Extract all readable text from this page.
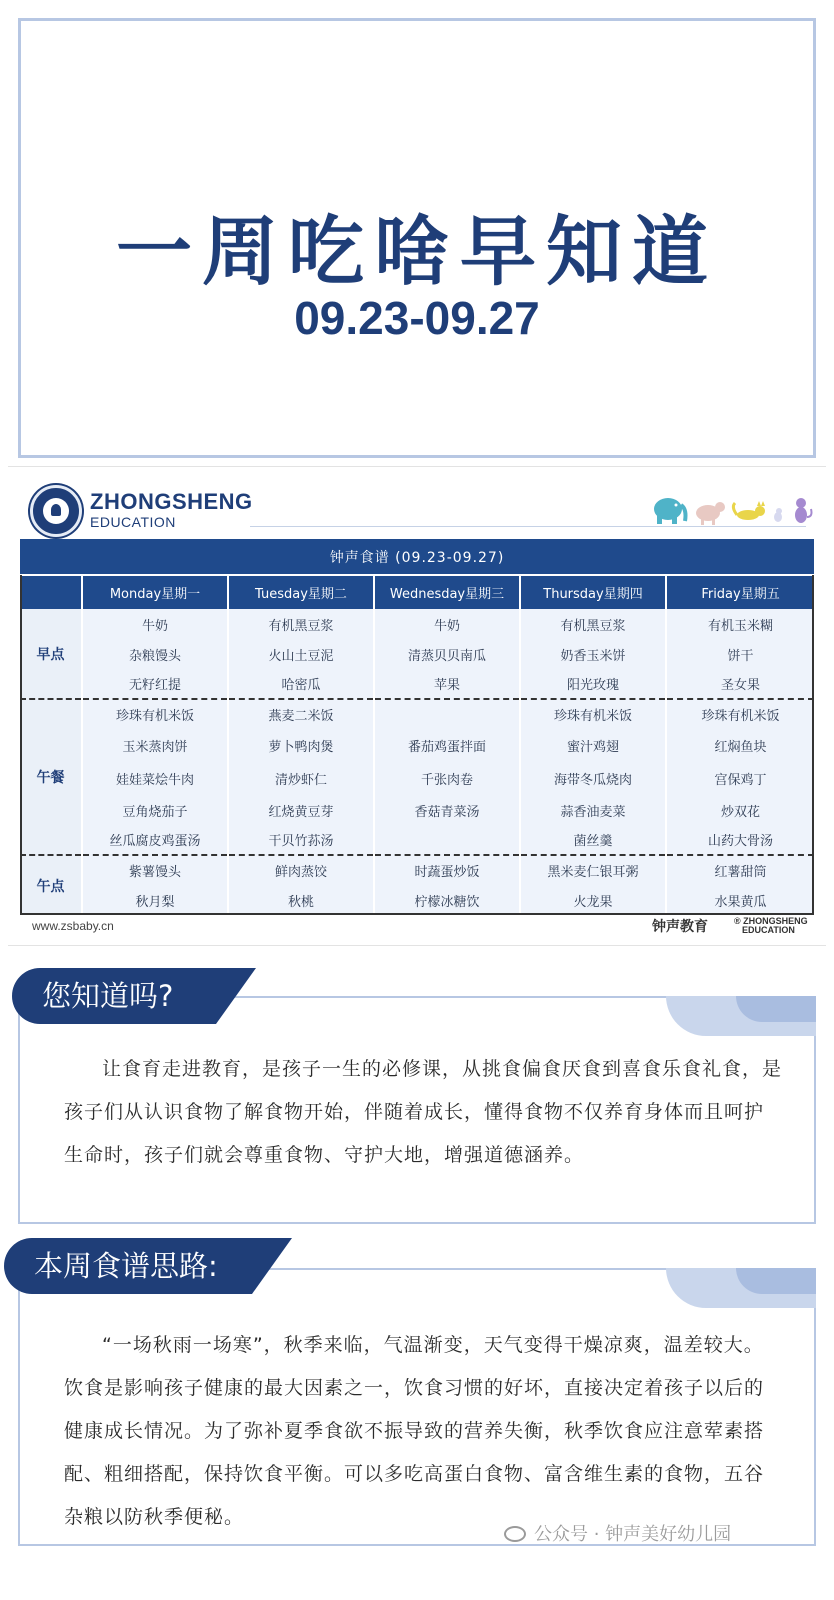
一周吃啥早知道
09.23-09.27
ZHONGSHENG
EDUCATION
钟声食谱 (09.23-09.27)					
	Monday星期一	Tuesday星期二	Wednesday星期三	Thursday星期四	Friday星期五
早点	牛奶	有机黑豆浆	牛奶	有机黑豆浆	有机玉米糊
	杂粮馒头	火山土豆泥	清蒸贝贝南瓜	奶香玉米饼	饼干
	无籽红提	哈密瓜	苹果	阳光玫瑰	圣女果
午餐	珍珠有机米饭	燕麦二米饭		珍珠有机米饭	珍珠有机米饭
	玉米蒸肉饼	萝卜鸭肉煲	番茄鸡蛋拌面	蜜汁鸡翅	红焖鱼块
	娃娃菜烩牛肉	清炒虾仁	千张肉卷	海带冬瓜烧肉	宫保鸡丁
	豆角烧茄子	红烧黄豆芽	香菇青菜汤	蒜香油麦菜	炒双花
	丝瓜腐皮鸡蛋汤	干贝竹荪汤		菌丝羹	山药大骨汤
午点	紫薯馒头	鲜肉蒸饺	时蔬蛋炒饭	黑米麦仁银耳粥	红薯甜筒
	秋月梨	秋桃	柠檬冰糖饮	火龙果	水果黄瓜
www.zsbaby.cn	钟声教育	® ZHONGSHENG
EDUCATION

让食育走进教育，是孩子一生的必修课，从挑食偏食厌食到喜食乐食礼食，是孩子们从认识食物了解食物开始，伴随着成长，懂得食物不仅养育身体而且呵护生命时，孩子们就会尊重食物、守护大地，增强道德涵养。

您知道吗?

“一场秋雨一场寒”，秋季来临，气温渐变，天气变得干燥凉爽，温差较大。饮食是影响孩子健康的最大因素之一，饮食习惯的好坏，直接决定着孩子以后的健康成长情况。为了弥补夏季食欲不振导致的营养失衡，秋季饮食应注意荤素搭配、粗细搭配，保持饮食平衡。可以多吃高蛋白食物、富含维生素的食物，五谷杂粮以防秋季便秘。

本周食谱思路:
公众号 · 钟声美好幼儿园
